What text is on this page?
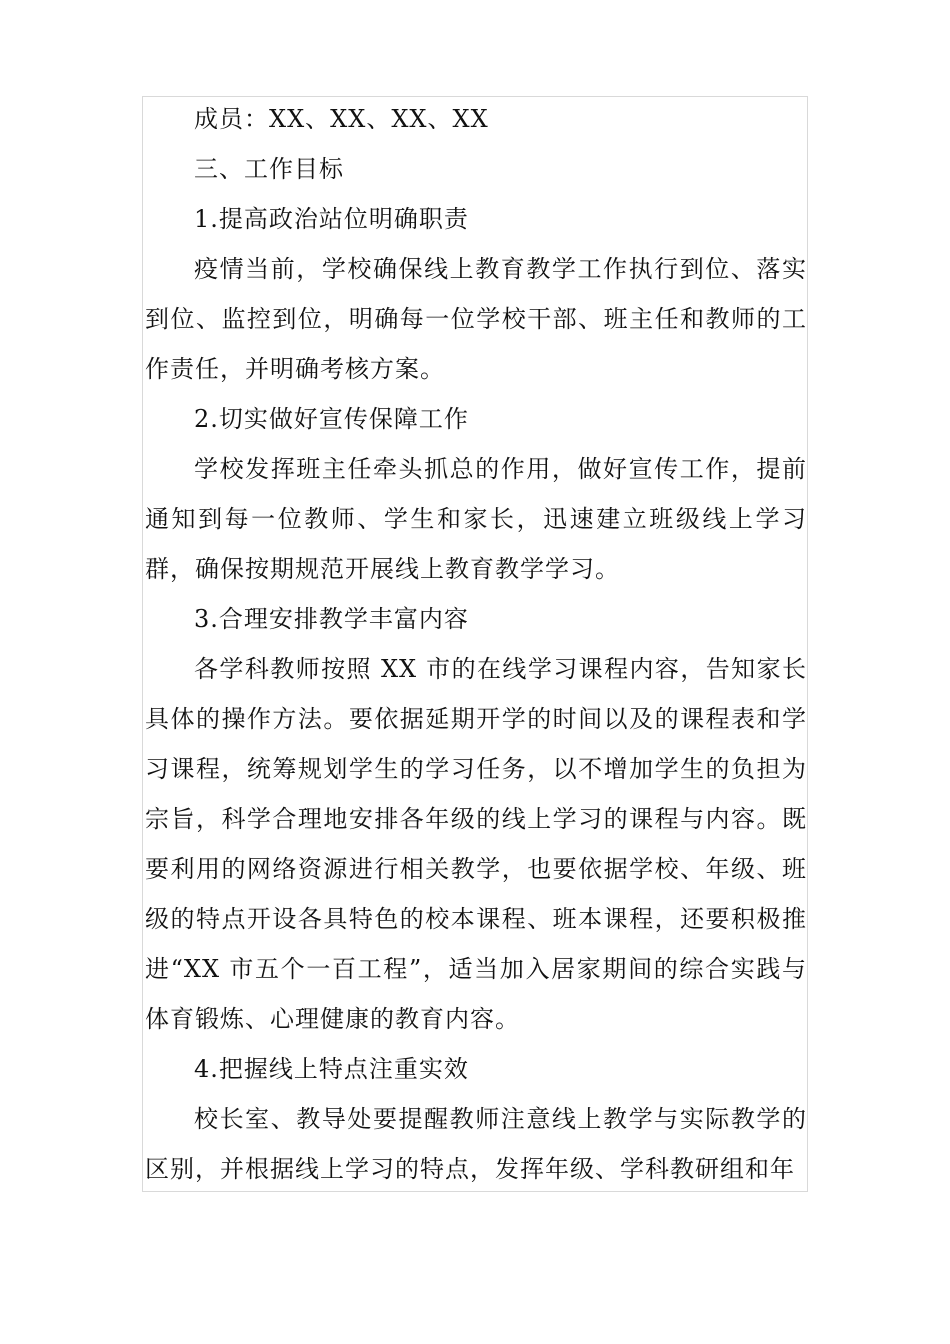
成员：XX、XX、XX、XX

三、工作目标

1.提高政治站位明确职责

疫情当前，学校确保线上教育教学工作执行到位、落实到位、监控到位，明确每一位学校干部、班主任和教师的工作责任，并明确考核方案。

2.切实做好宣传保障工作

学校发挥班主任牵头抓总的作用，做好宣传工作，提前通知到每一位教师、学生和家长，迅速建立班级线上学习群，确保按期规范开展线上教育教学学习。

3.合理安排教学丰富内容

各学科教师按照 XX 市的在线学习课程内容，告知家长具体的操作方法。要依据延期开学的时间以及的课程表和学习课程，统筹规划学生的学习任务，以不增加学生的负担为宗旨，科学合理地安排各年级的线上学习的课程与内容。既要利用的网络资源进行相关教学，也要依据学校、年级、班级的特点开设各具特色的校本课程、班本课程，还要积极推进“XX 市五个一百工程”，适当加入居家期间的综合实践与体育锻炼、心理健康的教育内容。

4.把握线上特点注重实效

校长室、教导处要提醒教师注意线上教学与实际教学的区别，并根据线上学习的特点，发挥年级、学科教研组和年
